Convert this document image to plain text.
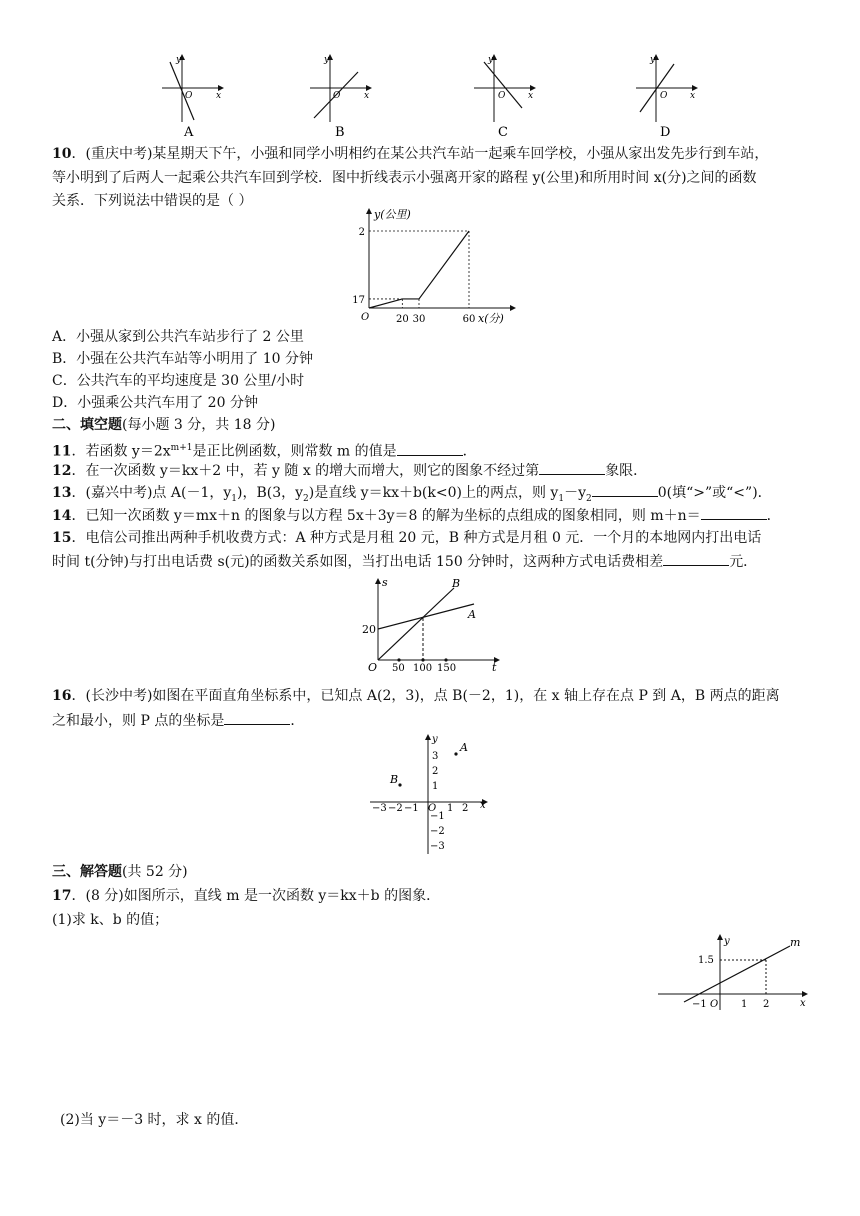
y
x
O
A
y
x
O
B
y
x
O
C
y
x
O
D
10．(重庆中考)某星期天下午，小强和同学小明相约在某公共汽车站一起乘车回学校，小强从家出发先步行到车站，
等小明到了后两人一起乘公共汽车回到学校．图中折线表示小强离开家的路程 y(公里)和所用时间 x(分)之间的函数
关系．下列说法中错误的是（ ）
y(公里)
x(分)
O
17
2
20 30	60
A．小强从家到公共汽车站步行了 2 公里
B．小强在公共汽车站等小明用了 10 分钟
C．公共汽车的平均速度是 30 公里/小时
D．小强乘公共汽车用了 20 分钟
二、填空题(每小题 3 分，共 18 分)
11．若函数 $y=2x^{m+1}$是正比例函数，则常数 m 的值是	．
12．在一次函数 y＝kx＋2 中，若 y 随 x 的增大而增大，则它的图象不经过第	象限．
13．(嘉兴中考)点 A(－1，$y_1$)，B(3，$y_2$)是直线 y＝kx＋b(k<0)上的两点，则 $y_1-y_2$	0(填“>”或“<”)．
14．已知一次函数 y＝mx＋n 的图象与以方程 5x＋3y＝8 的解为坐标的点组成的图象相同，则 m＋n＝	．
15．电信公司推出两种手机收费方式：A 种方式是月租 20 元，B 种方式是月租 0 元．一个月的本地网内打出电话
时间 t(分钟)与打出电话费 s(元)的函数关系如图，当打出电话 150 分钟时，这两种方式电话费相差	元．
s
t
B
A
20
O 50 100 150
16．(长沙中考)如图在平面直角坐标系中，已知点 A(2，3)，点 B(－2，1)，在 x 轴上存在点 P 到 A，B 两点的距离
之和最小，则 P 点的坐标是	．
y
x
O
A
B
−3 −2 −1	1 2
3
2
1
−1
−2
−3
三、解答题(共 52 分)
17．(8 分)如图所示，直线 m 是一次函数 y＝kx＋b 的图象．
(1)求 k、b 的值；
y
x
m
1.5
−1 O 1 2
(2)当 y＝－3 时，求 x 的值．
